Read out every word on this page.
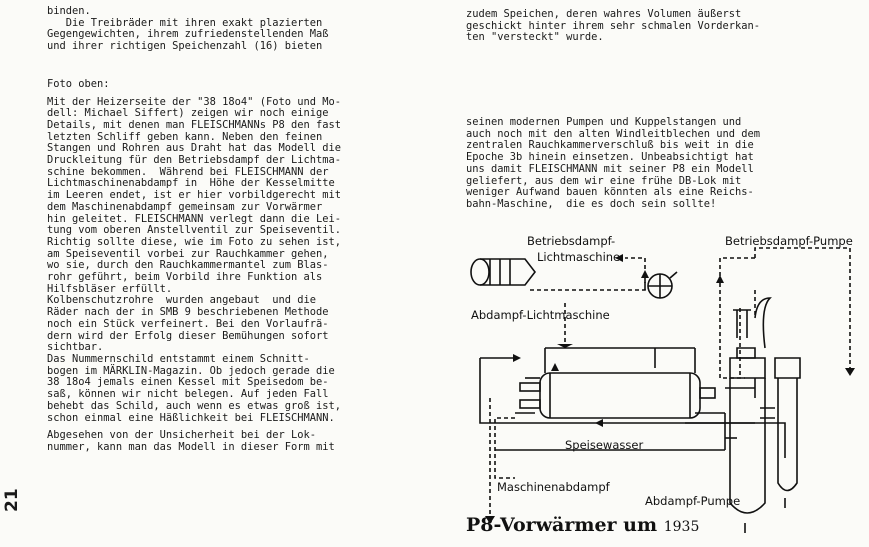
21

binden.

Die Treibräder mit ihren exakt plazierten

Gegengewichten, ihrem zufriedenstellenden Maß

und ihrer richtigen Speichenzahl (16) bieten

Foto oben:

Mit der Heizerseite der "38 18o4" (Foto und Mo-

dell: Michael Siffert) zeigen wir noch einige

Details, mit denen man FLEISCHMANNs P8 den fast

letzten Schliff geben kann. Neben den feinen

Stangen und Rohren aus Draht hat das Modell die

Druckleitung für den Betriebsdampf der Lichtma-

schine bekommen.  Während bei FLEISCHMANN der

Lichtmaschinenabdampf in  Höhe der Kesselmitte

im Leeren endet, ist er hier vorbildgerecht mit

dem Maschinenabdampf gemeinsam zur Vorwärmer

hin geleitet. FLEISCHMANN verlegt dann die Lei-

tung vom oberen Anstellventil zur Speiseventil.

Richtig sollte diese, wie im Foto zu sehen ist,

am Speiseventil vorbei zur Rauchkammer gehen,

wo sie, durch den Rauchkammermantel zum Blas-

rohr geführt, beim Vorbild ihre Funktion als

Hilfsbläser erfüllt.

Kolbenschutzrohre  wurden angebaut  und die

Räder nach der in SMB 9 beschriebenen Methode

noch ein Stück verfeinert. Bei den Vorlaufrä-

dern wird der Erfolg dieser Bemühungen sofort

sichtbar.

Das Nummernschild entstammt einem Schnitt-

bogen im MÄRKLIN-Magazin. Ob jedoch gerade die

38 18o4 jemals einen Kessel mit Speisedom be-

saß, können wir nicht belegen. Auf jeden Fall

behebt das Schild, auch wenn es etwas groß ist,

schon einmal eine Häßlichkeit bei FLEISCHMANN.

Abgesehen von der Unsicherheit bei der Lok-

nummer, kann man das Modell in dieser Form mit

zudem Speichen, deren wahres Volumen äußerst

geschickt hinter ihrem sehr schmalen Vorderkan-

ten "versteckt" wurde.

seinen modernen Pumpen und Kuppelstangen und

auch noch mit den alten Windleitblechen und dem

zentralen Rauchkammerverschluß bis weit in die

Epoche 3b hinein einsetzen. Unbeabsichtigt hat

uns damit FLEISCHMANN mit seiner P8 ein Modell

geliefert, aus dem wir eine frühe DB-Lok mit

weniger Aufwand bauen könnten als eine Reichs-

bahn-Maschine,  die es doch sein sollte!

Betriebsdampf-
Lichtmaschine
Betriebsdampf-Pumpe
Abdampf-Lichtmaschine
Speisewasser
Maschinenabdampf
Abdampf-Pumpe
P8-Vorwärmer um 1935
